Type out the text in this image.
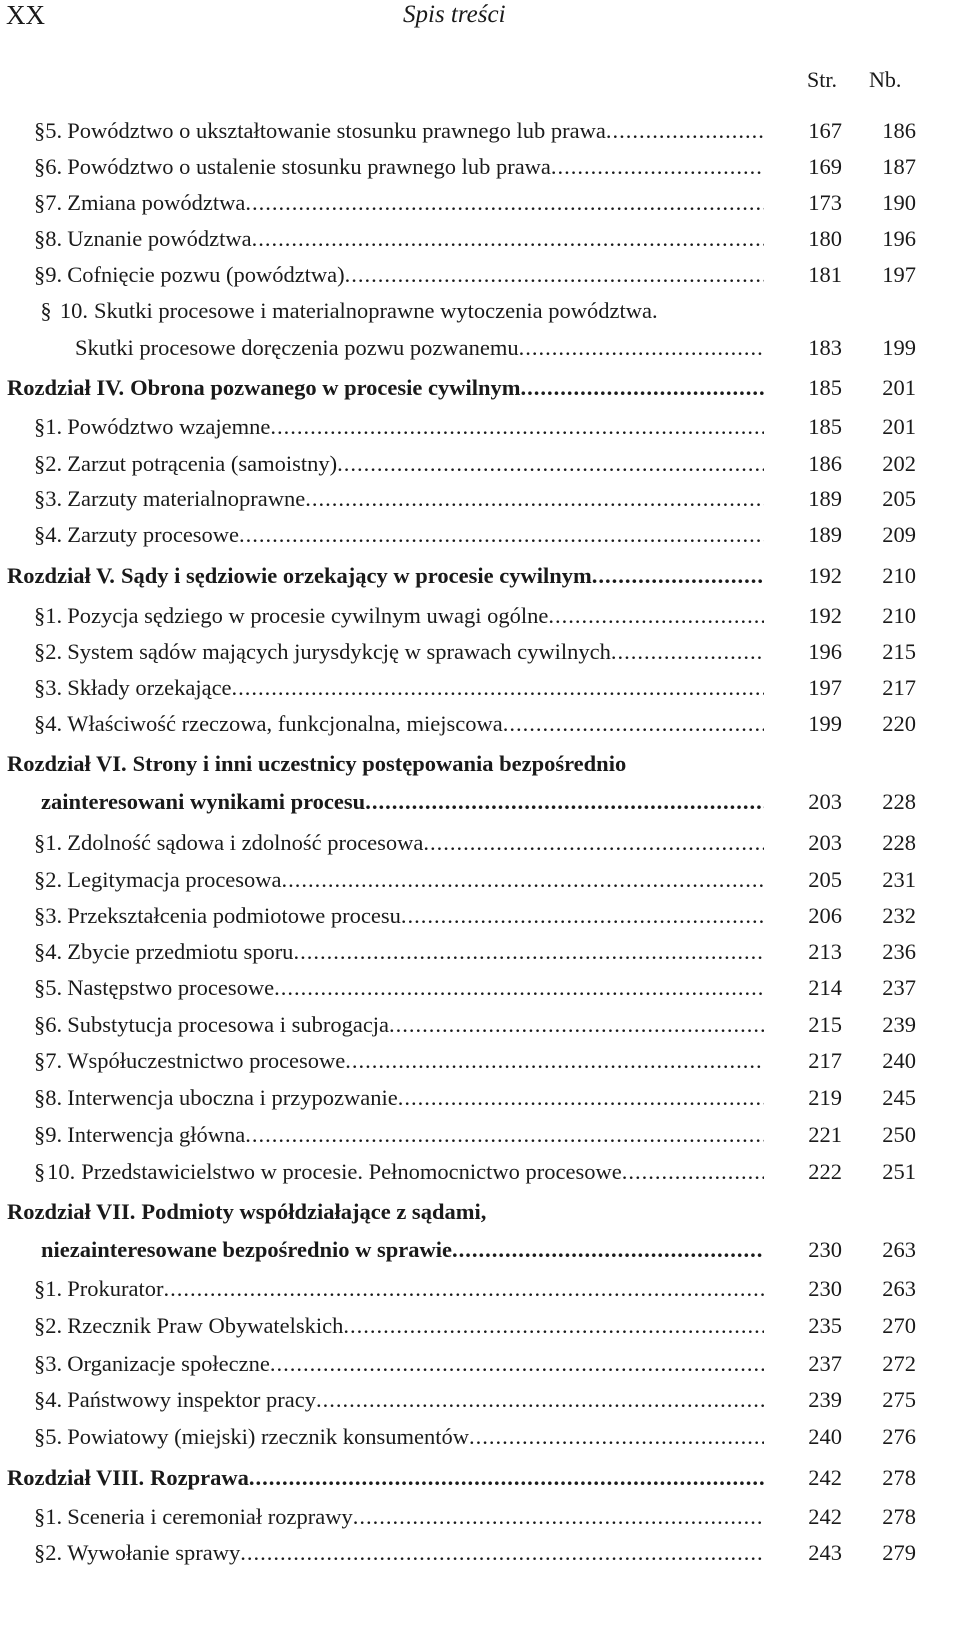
XX	Spis treści
Str. Nb.
§ 5. Powództwo o ukształtowanie stosunku prawnego lub prawa .....	167 186
§ 6. Powództwo o ustalenie stosunku prawnego lub prawa .....	169 187
§ 7. Zmiana powództwa .....	173 190
§ 8. Uznanie powództwa .....	180 196
§ 9. Cofnięcie pozwu (powództwa) .....	181 197
§ 10. Skutki procesowe i materialnoprawne wytoczenia powództwa.
Skutki procesowe doręczenia pozwu pozwanemu .....	183 199
Rozdział IV. Obrona pozwanego w procesie cywilnym .....	185 201
§ 1. Powództwo wzajemne .....	185 201
§ 2. Zarzut potrącenia (samoistny) .....	186 202
§ 3. Zarzuty materialnoprawne .....	189 205
§ 4. Zarzuty procesowe .....	189 209
Rozdział V. Sądy i sędziowie orzekający w procesie cywilnym .....	192 210
§ 1. Pozycja sędziego w procesie cywilnym uwagi ogólne .....	192 210
§ 2. System sądów mających jurysdykcję w sprawach cywilnych .....	196 215
§ 3. Składy orzekające .....	197 217
§ 4. Właściwość rzeczowa, funkcjonalna, miejscowa .....	199 220
Rozdział VI. Strony i inni uczestnicy postępowania bezpośrednio
zainteresowani wynikami procesu .....	203 228
§ 1. Zdolność sądowa i zdolność procesowa .....	203 228
§ 2. Legitymacja procesowa .....	205 231
§ 3. Przekształcenia podmiotowe procesu .....	206 232
§ 4. Zbycie przedmiotu sporu .....	213 236
§ 5. Następstwo procesowe .....	214 237
§ 6. Substytucja procesowa i subrogacja .....	215 239
§ 7. Współuczestnictwo procesowe .....	217 240
§ 8. Interwencja uboczna i przypozwanie .....	219 245
§ 9. Interwencja główna .....	221 250
§ 10. Przedstawicielstwo w procesie. Pełnomocnictwo procesowe .....	222 251
Rozdział VII. Podmioty współdziałające z sądami,
niezainteresowane bezpośrednio w sprawie .....	230 263
§ 1. Prokurator .....	230 263
§ 2. Rzecznik Praw Obywatelskich .....	235 270
§ 3. Organizacje społeczne .....	237 272
§ 4. Państwowy inspektor pracy .....	239 275
§ 5. Powiatowy (miejski) rzecznik konsumentów .....	240 276
Rozdział VIII. Rozprawa .....	242 278
§ 1. Sceneria i ceremoniał rozprawy .....	242 278
§ 2. Wywołanie sprawy .....	243 279
